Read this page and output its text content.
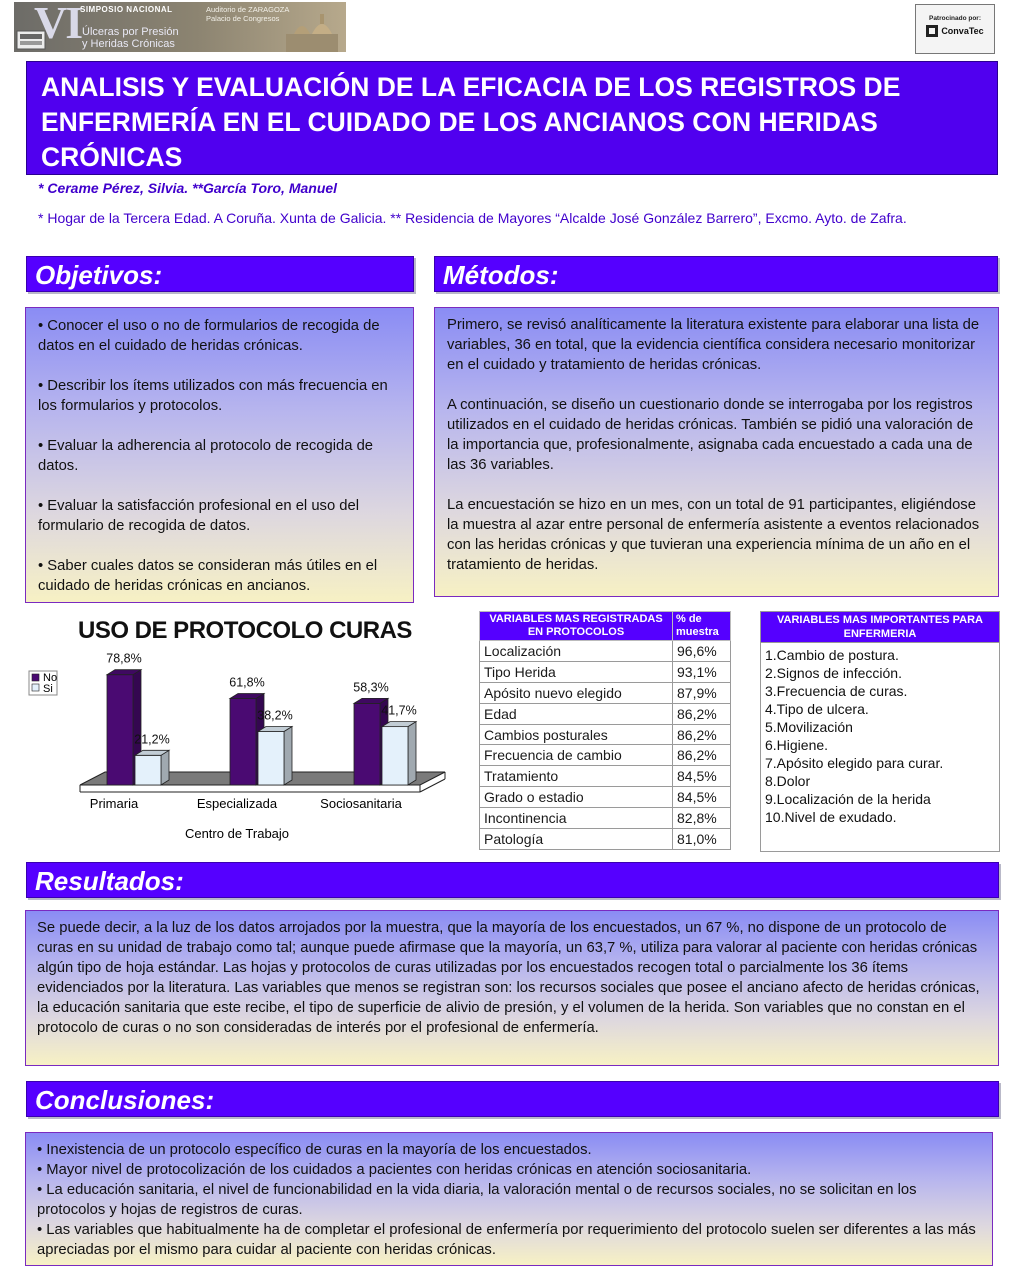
VI
SIMPOSIO NACIONAL
Úlceras por Presión
y Heridas Crónicas
Auditorio de ZARAGOZA
Palacio de Congresos	Patrocinado por:
ConvaTec
ANALISIS Y EVALUACIÓN DE LA EFICACIA DE LOS REGISTROS DE ENFERMERÍA EN EL CUIDADO DE LOS ANCIANOS CON HERIDAS CRÓNICAS
* Cerame Pérez, Silvia. **García Toro, Manuel
* Hogar de la Tercera Edad. A Coruña. Xunta de Galicia. ** Residencia de Mayores “Alcalde José González Barrero”, Excmo. Ayto. de Zafra.
Objetivos:

• Conocer el uso o no de formularios de recogida de datos en el cuidado de heridas crónicas.

• Describir los ítems utilizados con más frecuencia en los formularios y protocolos.

• Evaluar la adherencia al protocolo de recogida de datos.

• Evaluar la satisfacción profesional en el uso del formulario de recogida de datos.

• Saber cuales datos se consideran más útiles en el cuidado de heridas crónicas en ancianos.

Métodos:

Primero, se revisó analíticamente la literatura existente para elaborar una lista de variables, 36 en total, que la evidencia científica considera necesario monitorizar en el cuidado y tratamiento de heridas crónicas.

A continuación, se diseño un cuestionario donde se interrogaba por los registros utilizados en el cuidado de heridas crónicas. También se pidió una valoración de la importancia que, profesionalmente, asignaba cada encuestado a cada una de las 36 variables.

La encuestación se hizo en un mes, con un total de 91 participantes, eligiéndose la muestra al azar entre personal de enfermería asistente a eventos relacionados con las heridas crónicas y que tuvieran una experiencia mínima de un año en el tratamiento de heridas.

USO DE PROTOCOLO CURAS
78,8%
61,8%	58,3%
21,2%
38,2%	41,7%
No
Si
Primaria	Especializada	Sociosanitaria
Centro de Trabajo
VARIABLES MAS REGISTRADAS EN PROTOCOLOS	% de muestra
Localización	96,6%
Tipo Herida	93,1%
Apósito nuevo elegido	87,9%
Edad	86,2%
Cambios posturales	86,2%
Frecuencia de cambio	86,2%
Tratamiento	84,5%
Grado o estadio	84,5%
Incontinencia	82,8%
Patología	81,0%
VARIABLES MAS IMPORTANTES PARA ENFERMERIA
1.Cambio de postura.
2.Signos de infección.
3.Frecuencia de curas.
4.Tipo de ulcera.
5.Movilización
6.Higiene.
7.Apósito elegido para curar.
8.Dolor
9.Localización de la herida
10.Nivel de exudado.
Resultados:

Se puede decir, a la luz de los datos arrojados por la muestra, que la mayoría de los encuestados, un 67 %, no dispone de un protocolo de curas en su unidad de trabajo como tal; aunque puede afirmase que la mayoría, un 63,7 %, utiliza para valorar al paciente con heridas crónicas algún tipo de hoja estándar. Las hojas y protocolos de curas utilizadas por los encuestados recogen total o parcialmente los 36 ítems evidenciados por la literatura. Las variables que menos se registran son: los recursos sociales que posee el anciano afecto de heridas crónicas, la educación sanitaria que este recibe, el tipo de superficie de alivio de presión, y el volumen de la herida. Son variables que no constan en el protocolo de curas o no son consideradas de interés por el profesional de enfermería.

Conclusiones:

• Inexistencia de un protocolo específico de curas en la mayoría de los encuestados.

• Mayor nivel de protocolización de los cuidados a pacientes con heridas crónicas en atención sociosanitaria.

• La educación sanitaria, el nivel de funcionabilidad en la vida diaria, la valoración mental o de recursos sociales, no se solicitan en los protocolos y hojas de registros de curas.

• Las variables que habitualmente ha de completar el profesional de enfermería por requerimiento del protocolo suelen ser diferentes a las más apreciadas por el mismo para cuidar al paciente con heridas crónicas.
